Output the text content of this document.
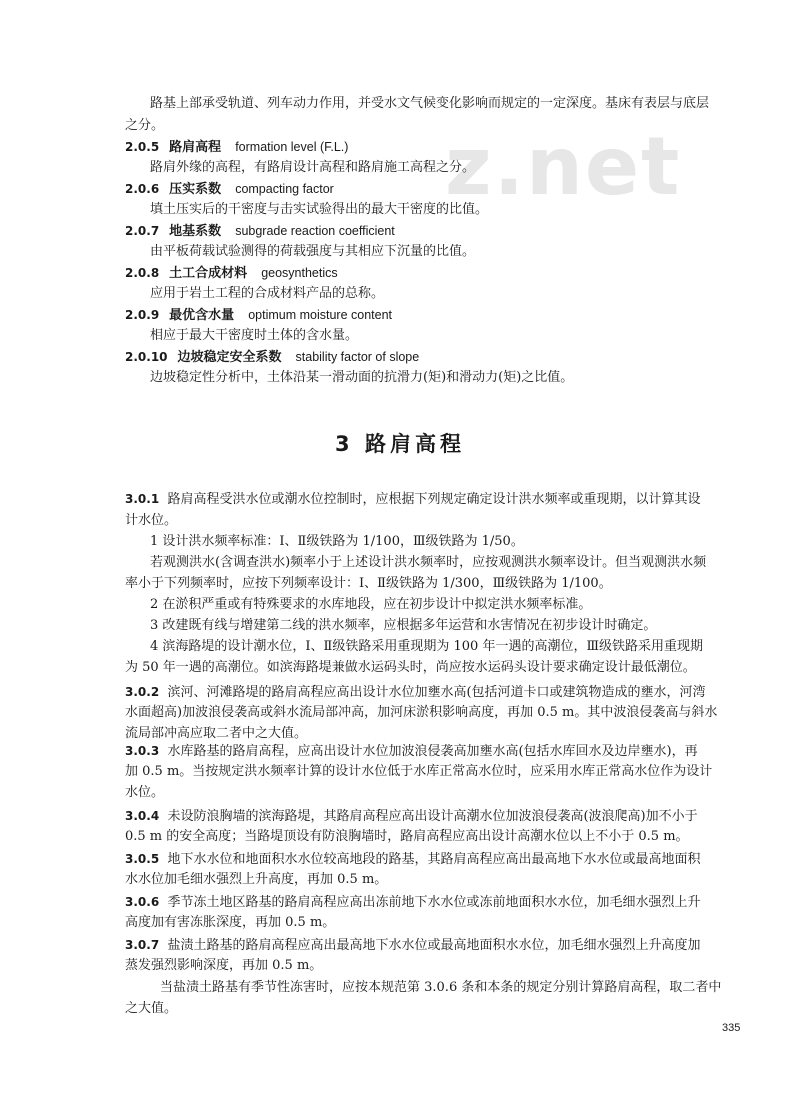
z.net
路基上部承受轨道、列车动力作用，并受水文气候变化影响而规定的一定深度。基床有表层与底层
之分。
2.0.5 路肩高程 formation level (F.L.)
路肩外缘的高程，有路肩设计高程和路肩施工高程之分。
2.0.6 压实系数 compacting factor
填土压实后的干密度与击实试验得出的最大干密度的比值。
2.0.7 地基系数 subgrade reaction coefficient
由平板荷载试验测得的荷载强度与其相应下沉量的比值。
2.0.8 土工合成材料 geosynthetics
应用于岩土工程的合成材料产品的总称。
2.0.9 最优含水量 optimum moisture content
相应于最大干密度时土体的含水量。
2.0.10 边坡稳定安全系数 stability factor of slope
边坡稳定性分析中，土体沿某一滑动面的抗滑力(矩)和滑动力(矩)之比值。
3 路肩高程
3.0.1 路肩高程受洪水位或潮水位控制时，应根据下列规定确定设计洪水频率或重现期，以计算其设
计水位。
1 设计洪水频率标准：Ⅰ、Ⅱ级铁路为 1/100，Ⅲ级铁路为 1/50。
若观测洪水(含调查洪水)频率小于上述设计洪水频率时，应按观测洪水频率设计。但当观测洪水频
率小于下列频率时，应按下列频率设计：Ⅰ、Ⅱ级铁路为 1/300，Ⅲ级铁路为 1/100。
2 在淤积严重或有特殊要求的水库地段，应在初步设计中拟定洪水频率标准。
3 改建既有线与增建第二线的洪水频率，应根据多年运营和水害情况在初步设计时确定。
4 滨海路堤的设计潮水位，Ⅰ、Ⅱ级铁路采用重现期为 100 年一遇的高潮位，Ⅲ级铁路采用重现期
为 50 年一遇的高潮位。如滨海路堤兼做水运码头时，尚应按水运码头设计要求确定设计最低潮位。
3.0.2 滨河、河滩路堤的路肩高程应高出设计水位加壅水高(包括河道卡口或建筑物造成的壅水，河湾
水面超高)加波浪侵袭高或斜水流局部冲高，加河床淤积影响高度，再加 0.5 m。其中波浪侵袭高与斜水
流局部冲高应取二者中之大值。
3.0.3 水库路基的路肩高程，应高出设计水位加波浪侵袭高加壅水高(包括水库回水及边岸壅水)，再
加 0.5 m。当按规定洪水频率计算的设计水位低于水库正常高水位时，应采用水库正常高水位作为设计
水位。
3.0.4 未设防浪胸墙的滨海路堤，其路肩高程应高出设计高潮水位加波浪侵袭高(波浪爬高)加不小于
0.5 m 的安全高度；当路堤顶设有防浪胸墙时，路肩高程应高出设计高潮水位以上不小于 0.5 m。
3.0.5 地下水水位和地面积水水位较高地段的路基，其路肩高程应高出最高地下水水位或最高地面积
水水位加毛细水强烈上升高度，再加 0.5 m。
3.0.6 季节冻土地区路基的路肩高程应高出冻前地下水水位或冻前地面积水水位，加毛细水强烈上升
高度加有害冻胀深度，再加 0.5 m。
3.0.7 盐渍土路基的路肩高程应高出最高地下水水位或最高地面积水水位，加毛细水强烈上升高度加
蒸发强烈影响深度，再加 0.5 m。
当盐渍土路基有季节性冻害时，应按本规范第 3.0.6 条和本条的规定分别计算路肩高程，取二者中
之大值。
335
